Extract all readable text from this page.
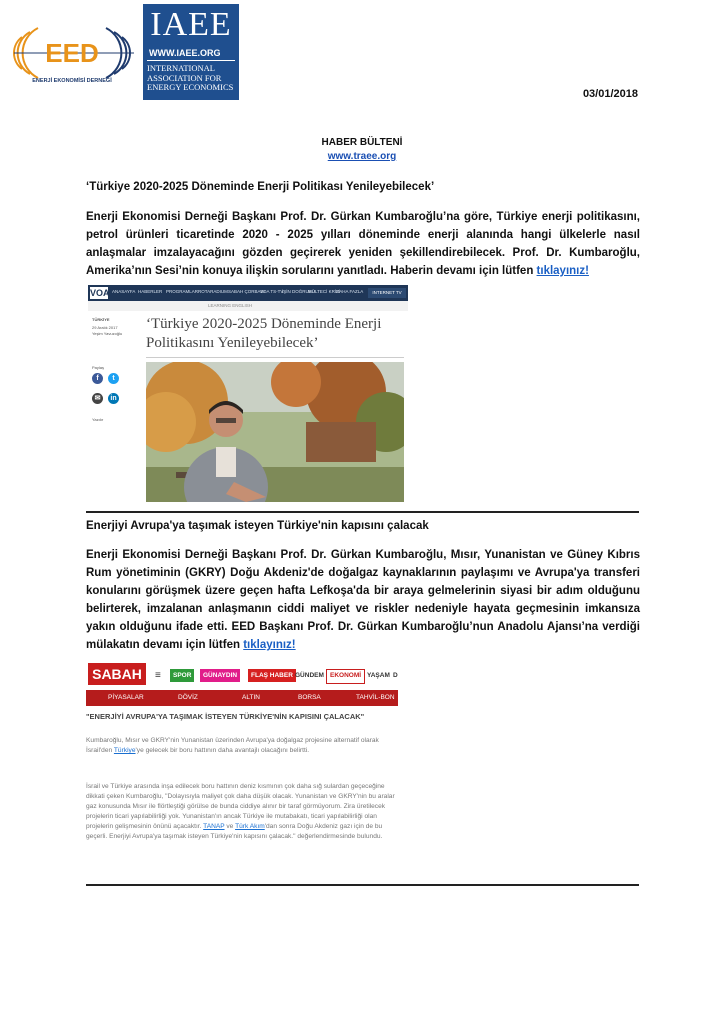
EED
ENERJİ EKONOMİSİ DERNEĞİ
IAEE
WWW.IAEE.ORG
INTERNATIONAL ASSOCIATION FOR ENERGY ECONOMICS
03/01/2018
HABER BÜLTENİ
www.traee.org
‘Türkiye 2020-2025 Döneminde Enerji Politikası Yenileyebilecek’
Enerji Ekonomisi Derneği Başkanı Prof. Dr. Gürkan Kumbaroğlu’na göre, Türkiye enerji politikasını, petrol ürünleri ticaretinde 2020 - 2025 yılları döneminde enerji alanında hangi ülkelerle nasıl anlaşmalar imzalayacağını gözden geçirerek yeniden şekillendirebilecek. Prof. Dr. Kumbaroğlu, Amerika’nın Sesi’nin konuya ilişkin sorularını yanıtladı. Haberin devamı için lütfen tıklayınız!
VOA ANASAYFA HABERLER PROGRAMLAR ROTARADIUM SABAH ÇORBASI
VOA TS-TV
İŞİN DOĞRUSU
MÜLTECİ KRİZİ
DAHA FAZLA	INTERNET TV
LEARNING ENGLISH
TÜRKİYE
29 Aralık 2017
Yeşim Yavuzoğlu
Paylaş
f	t
✉	in
Yazdır
‘Türkiye 2020-2025 Döneminde Enerji Politikasını Yenileyebilecek’
Enerjiyi Avrupa'ya taşımak isteyen Türkiye'nin kapısını çalacak
Enerji Ekonomisi Derneği Başkanı Prof. Dr. Gürkan Kumbaroğlu, Mısır, Yunanistan ve Güney Kıbrıs Rum yönetiminin (GKRY) Doğu Akdeniz'de doğalgaz kaynaklarının paylaşımı ve Avrupa'ya transferi konularını görüşmek üzere geçen hafta Lefkoşa'da bir araya gelmelerinin siyasi bir adım olduğunu belirterek, imzalanan anlaşmanın ciddi maliyet ve riskler nedeniyle hayata geçmesinin imkansıza yakın olduğunu ifade etti. EED Başkanı Prof. Dr. Gürkan Kumbaroğlu’nun Anadolu Ajansı’na verdiği mülakatın devamı için lütfen tıklayınız!
SABAH	≡	SPOR	GÜNAYDIN	FLAŞ HABER GÜNDEM EKONOMİ YAŞAM D
PİYASALAR	DÖVİZ	ALTIN	BORSA	TAHVİL-BON
"ENERJİYİ AVRUPA'YA TAŞIMAK İSTEYEN TÜRKİYE'NİN KAPISINI ÇALACAK"
Kumbaroğlu, Mısır ve GKRY'nin Yunanistan üzerinden Avrupa'ya doğalgaz projesine alternatif olarak İsrail'den Türkiye'ye gelecek bir boru hattının daha avantajlı olacağını belirtti.
İsrail ve Türkiye arasında inşa edilecek boru hattının deniz kısmının çok daha sığ sulardan geçeceğine dikkati çeken Kumbaroğlu, "Dolayısıyla maliyet çok daha düşük olacak. Yunanistan ve GKRY'nin bu aralar gaz konusunda Mısır ile flörtleştiği görülse de bunda ciddiye alınır bir taraf görmüyorum. Zira üretilecek projelerin ticari yapılabilirliği yok. Yunanistan'ın ancak Türkiye ile mutabakatı, ticari yapılabilirliği olan projelerin gelişmesinin önünü açacaktır. TANAP ve Türk Akım'dan sonra Doğu Akdeniz gazı için de bu geçerli. Enerjiyi Avrupa'ya taşımak isteyen Türkiye'nin kapısını çalacak." değerlendirmesinde bulundu.
